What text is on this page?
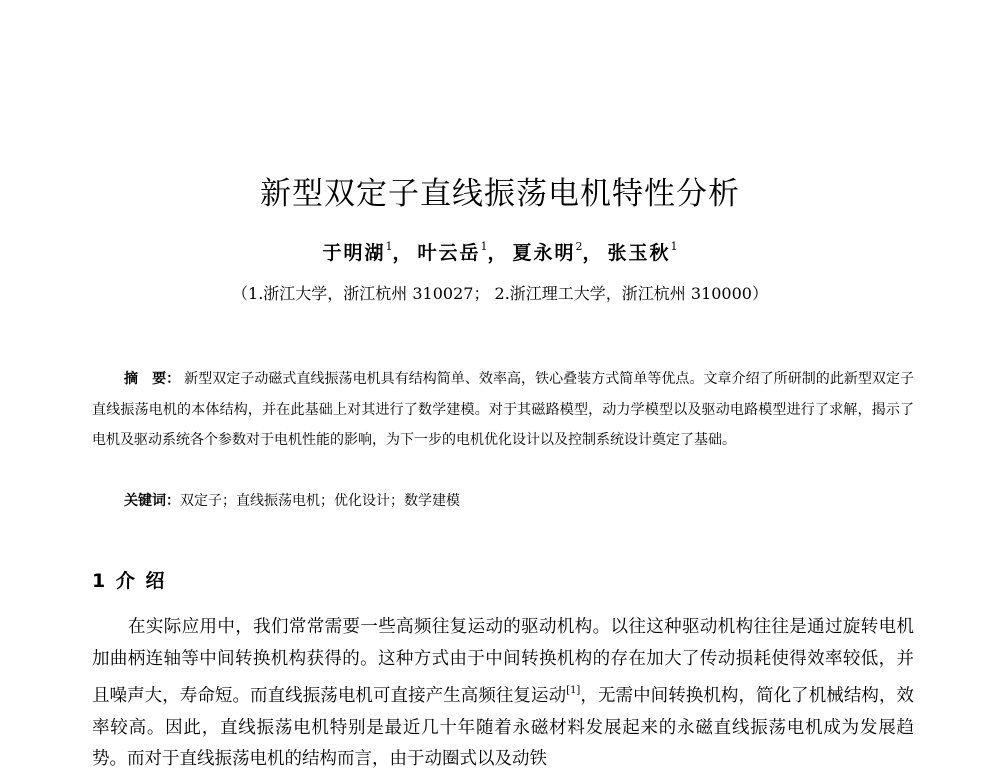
新型双定子直线振荡电机特性分析
于明湖$^1$， 叶云岳$^1$， 夏永明$^2$， 张玉秋$^1$
（1.浙江大学，浙江杭州 310027； 2.浙江理工大学，浙江杭州 310000）
摘　要： 新型双定子动磁式直线振荡电机具有结构简单、效率高，铁心叠装方式简单等优点。文章介绍了所研制的此新型双定子直线振荡电机的本体结构，并在此基础上对其进行了数学建模。对于其磁路模型，动力学模型以及驱动电路模型进行了求解，揭示了电机及驱动系统各个参数对于电机性能的影响，为下一步的电机优化设计以及控制系统设计奠定了基础。
关键词：双定子；直线振荡电机；优化设计；数学建模
1 介 绍
在实际应用中，我们常常需要一些高频往复运动的驱动机构。以往这种驱动机构往往是通过旋转电机加曲柄连轴等中间转换机构获得的。这种方式由于中间转换机构的存在加大了传动损耗使得效率较低，并且噪声大，寿命短。而直线振荡电机可直接产生高频往复运动[1]，无需中间转换机构，简化了机械结构，效率较高。因此，直线振荡电机特别是最近几十年随着永磁材料发展起来的永磁直线振荡电机成为发展趋势。而对于直线振荡电机的结构而言，由于动圈式以及动铁
